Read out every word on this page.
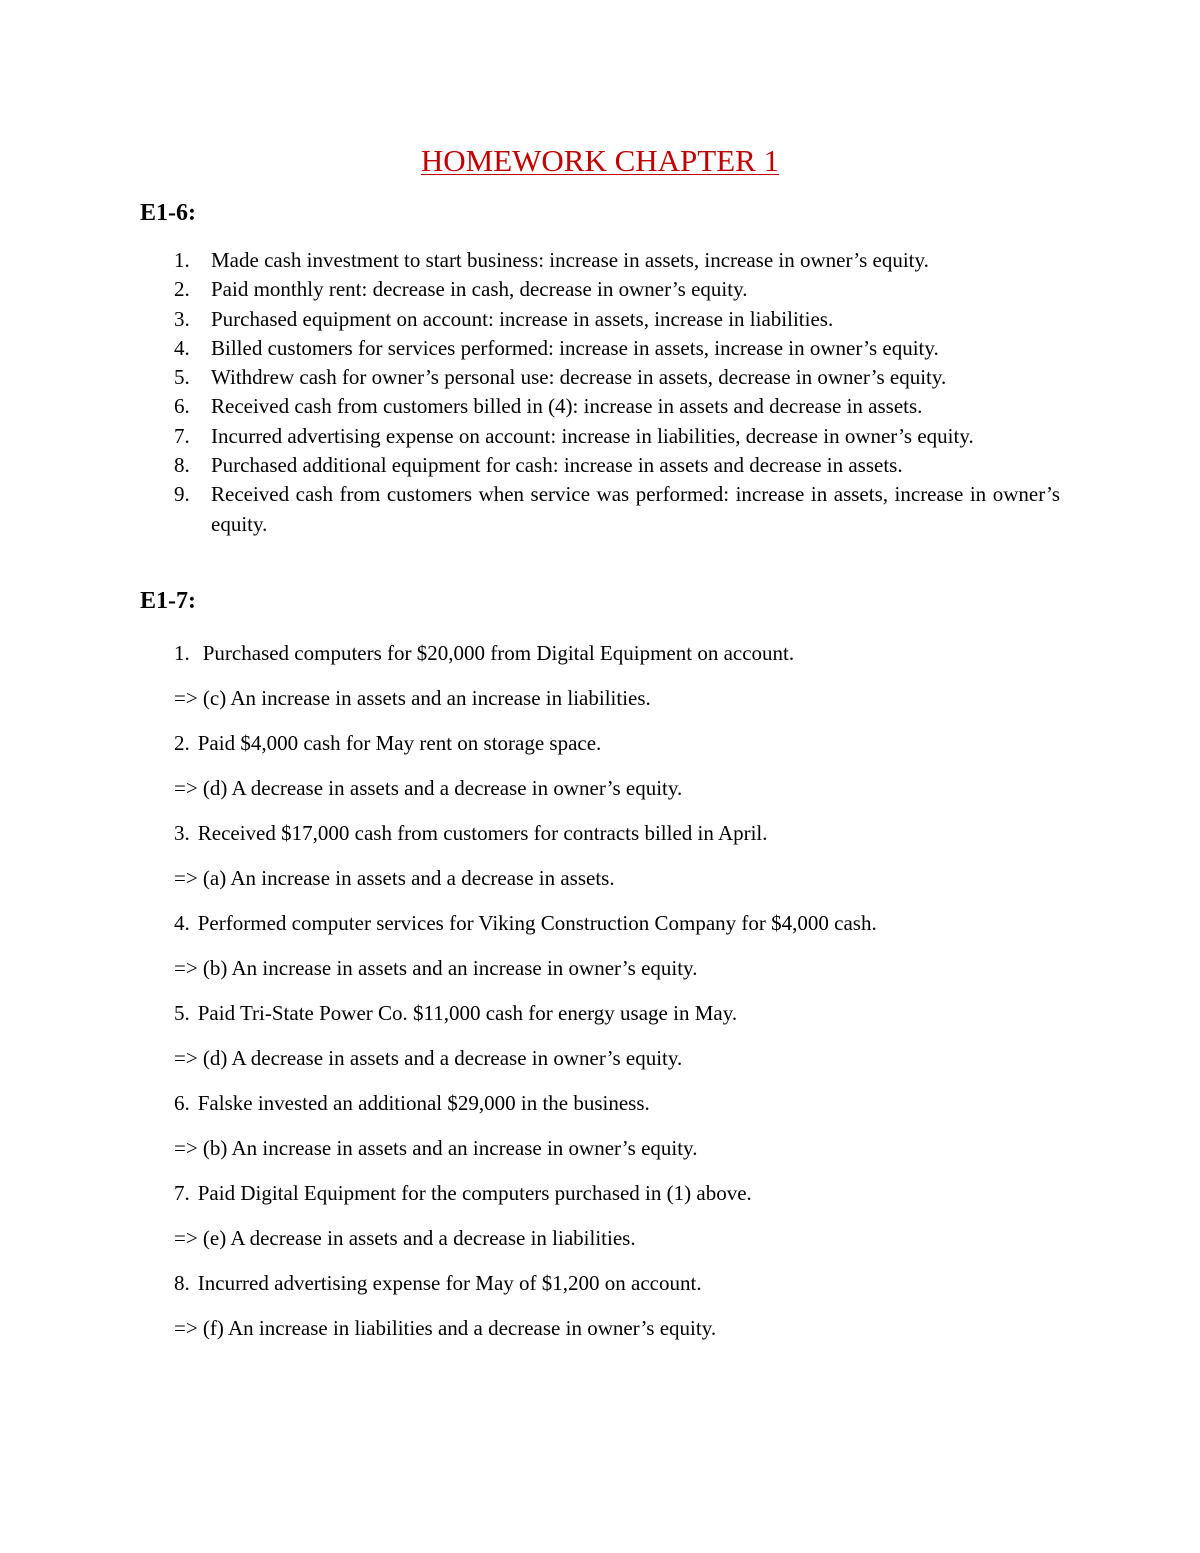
HOMEWORK CHAPTER 1
E1-6:
1. Made cash investment to start business: increase in assets, increase in owner’s equity.
2. Paid monthly rent: decrease in cash, decrease in owner’s equity.
3. Purchased equipment on account: increase in assets, increase in liabilities.
4. Billed customers for services performed: increase in assets, increase in owner’s equity.
5. Withdrew cash for owner’s personal use: decrease in assets, decrease in owner’s equity.
6. Received cash from customers billed in (4): increase in assets and decrease in assets.
7. Incurred advertising expense on account: increase in liabilities, decrease in owner’s equity.
8. Purchased additional equipment for cash: increase in assets and decrease in assets.
9. Received cash from customers when service was performed: increase in assets, increase in owner’s equity.
E1-7:

1. Purchased computers for $20,000 from Digital Equipment on account.

=> (c) An increase in assets and an increase in liabilities.

2. Paid $4,000 cash for May rent on storage space.

=> (d) A decrease in assets and a decrease in owner’s equity.

3. Received $17,000 cash from customers for contracts billed in April.

=> (a) An increase in assets and a decrease in assets.

4. Performed computer services for Viking Construction Company for $4,000 cash.

=> (b) An increase in assets and an increase in owner’s equity.

5. Paid Tri-State Power Co. $11,000 cash for energy usage in May.

=> (d) A decrease in assets and a decrease in owner’s equity.

6. Falske invested an additional $29,000 in the business.

=> (b) An increase in assets and an increase in owner’s equity.

7. Paid Digital Equipment for the computers purchased in (1) above.

=> (e) A decrease in assets and a decrease in liabilities.

8. Incurred advertising expense for May of $1,200 on account.

=> (f) An increase in liabilities and a decrease in owner’s equity.
